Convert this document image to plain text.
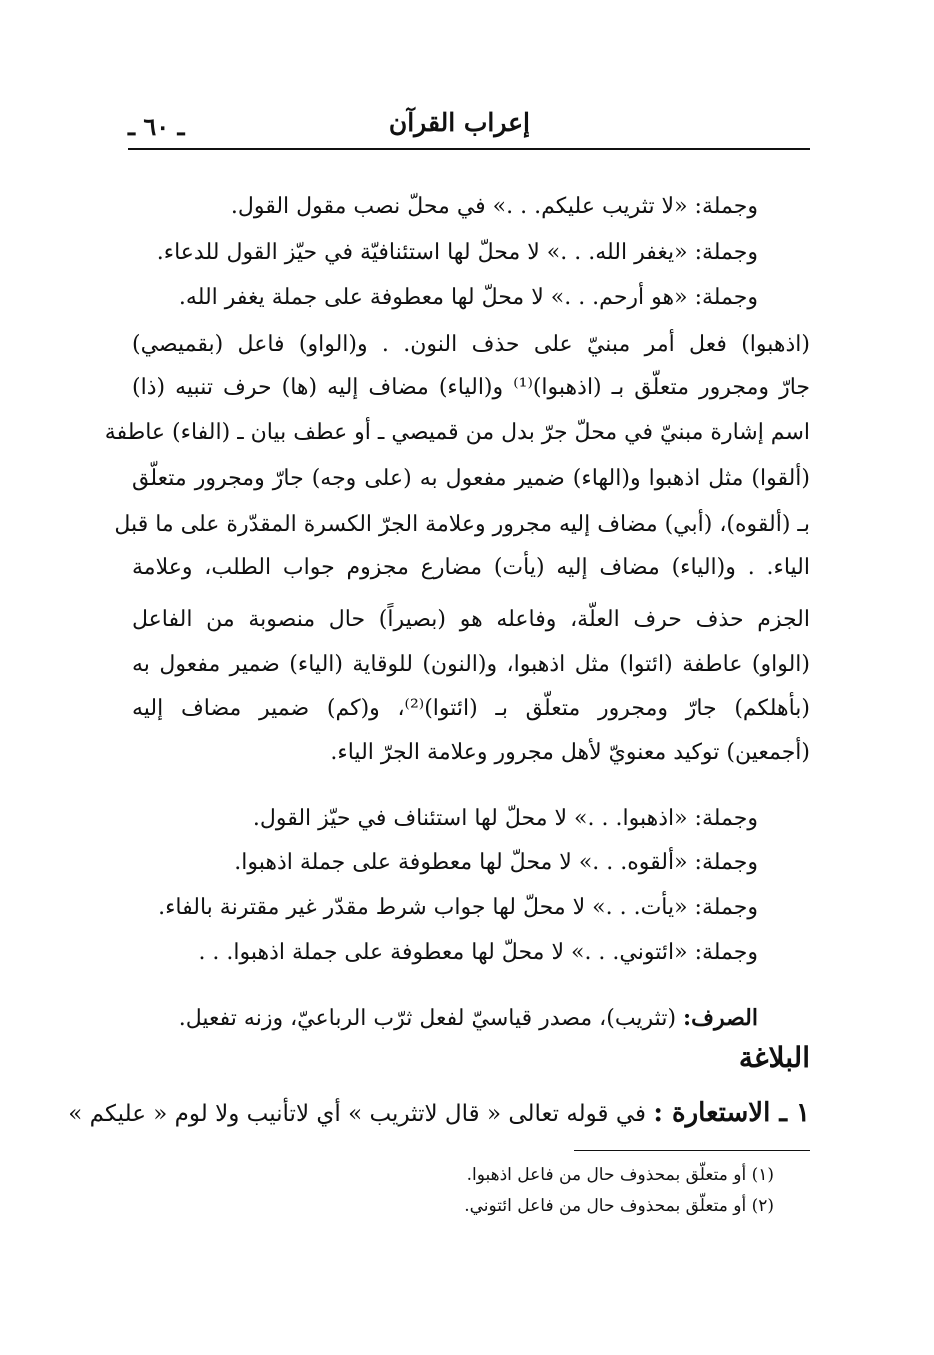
إعراب القرآن
ـ ٦٠ ـ
وجملة: «لا تثريب عليكم. . .» في محلّ نصب مقول القول.
وجملة: «يغفر الله. . .» لا محلّ لها استئنافيّة في حيّز القول للدعاء.
وجملة: «هو أرحم. . .» لا محلّ لها معطوفة على جملة يغفر الله.
(اذهبوا) فعل أمر مبنيّ على حذف النون. . و(الواو) فاعل (بقميصي)
جارّ ومجرور متعلّق بـ (اذهبوا)⁽¹⁾ و(الياء) مضاف إليه (ها) حرف تنبيه (ذا)
اسم إشارة مبنيّ في محلّ جرّ بدل من قميصي ـ أو عطف بيان ـ (الفاء) عاطفة
(ألقوا) مثل اذهبوا و(الهاء) ضمير مفعول به (على وجه) جارّ ومجرور متعلّق
بـ (ألقوه)، (أبي) مضاف إليه مجرور وعلامة الجرّ الكسرة المقدّرة على ما قبل
الياء. . و(الياء) مضاف إليه (يأت) مضارع مجزوم جواب الطلب، وعلامة
الجزم حذف حرف العلّة، وفاعله هو (بصيراً) حال منصوبة من الفاعل
(الواو) عاطفة (ائتوا) مثل اذهبوا، و(النون) للوقاية (الياء) ضمير مفعول به
(بأهلكم) جارّ ومجرور متعلّق بـ (ائتوا)⁽²⁾، و(كم) ضمير مضاف إليه
(أجمعين) توكيد معنويّ لأهل مجرور وعلامة الجرّ الياء.
وجملة: «اذهبوا. . .» لا محلّ لها استئناف في حيّز القول.
وجملة: «ألقوه. . .» لا محلّ لها معطوفة على جملة اذهبوا.
وجملة: «يأت. . .» لا محلّ لها جواب شرط مقدّر غير مقترنة بالفاء.
وجملة: «ائتوني. . .» لا محلّ لها معطوفة على جملة اذهبوا. . .
الصرف: (تثريب)، مصدر قياسيّ لفعل ثرّب الرباعيّ، وزنه تفعيل.
البلاغة
١ ـ الاستعارة : في قوله تعالى « قال لاتثريب » أي لاتأنيب ولا لوم « عليكم »
(١) أو متعلّق بمحذوف حال من فاعل اذهبوا.
(٢) أو متعلّق بمحذوف حال من فاعل ائتوني.
